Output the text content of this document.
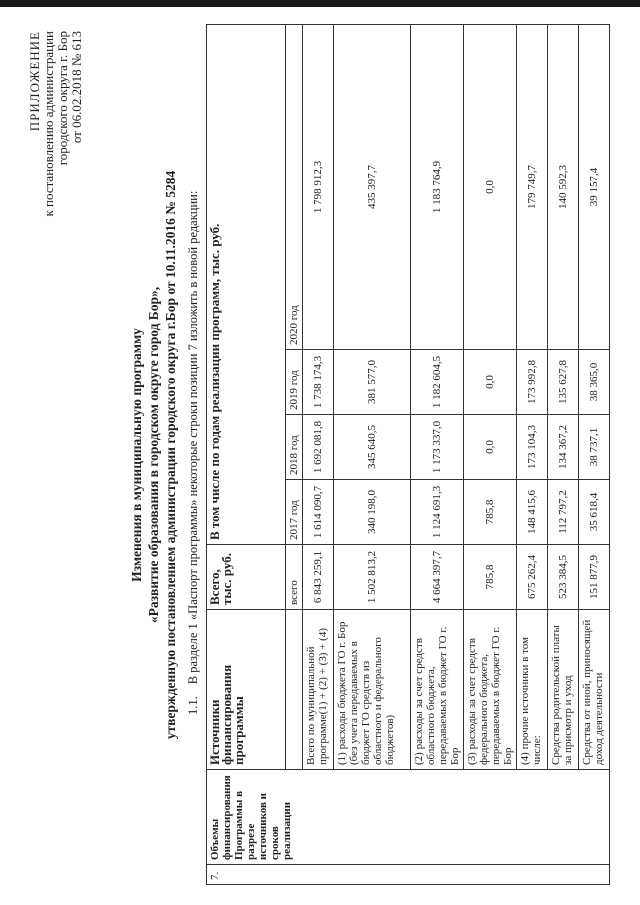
ПРИЛОЖЕНИЕ к постановлению администрации городского округа г. Бор от 06.02.2018 № 613
Изменения в муниципальную программу «Развитие образования в городском округе город Бор», утвержденную постановлением администрации городского округа г.Бор от 10.11.2016 № 5284 1.1.В разделе 1 «Паспорт программы» некоторые строки позиции 7 изложить в новой редакции:
7.	Объемы финансирования Программы в разрезе источников и сроков реализации	Источники финансирования программы	Всего, тыс. руб.	В том числе по годам реализации программ, тыс. руб.			
			всего	2017 год	2018 год	2019 год	2020 год
		Всего по муниципальной программе(1) + (2) + (3) + (4)	6 843 259,1	1 614 090,7	1 692 081,8	1 738 174,3	1 798 912,3
		(1) расходы бюджета ГО г. Бор (без учета передаваемых в бюджет ГО средств из областного и федерального бюджетов)	1 502 813,2	340 198,0	345 640,5	381 577,0	435 397,7
		(2) расходы за счет средств областного бюджета, передаваемых в бюджет ГО г. Бор	4 664 397,7	1 124 691,3	1 173 337,0	1 182 604,5	1 183 764,9
		(3) расходы за счет средств федерального бюджета, передаваемых в бюджет ГО г. Бор	785,8	785,8	0,0	0,0	0,0
		(4) прочие источники в том числе:	675 262,4	148 415,6	173 104,3	173 992,8	179 749,7
		Средства родительской платы за присмотр и уход	523 384,5	112 797,2	134 367,2	135 627,8	140 592,3
		Средства от иной, приносящей доход деятельности	151 877,9	35 618,4	38 737,1	38 365,0	39 157,4
